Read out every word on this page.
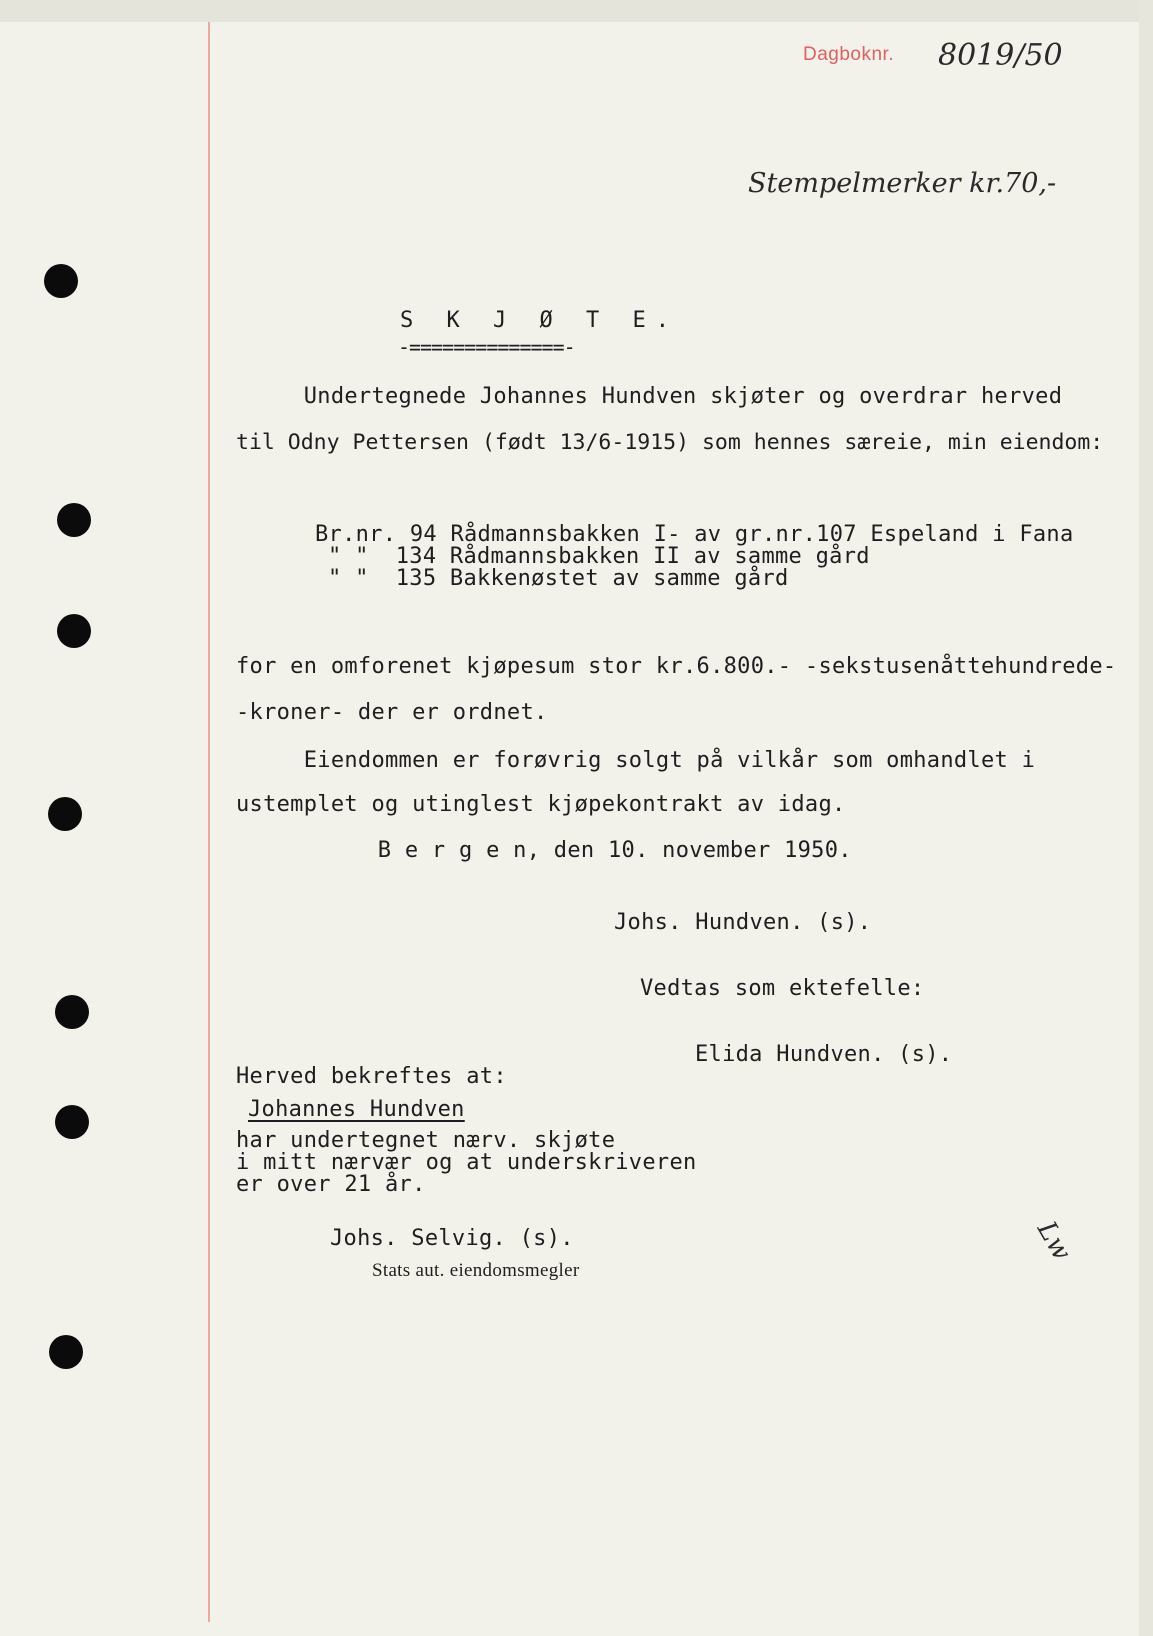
Dagboknr. 8019/50
Stempelmerker kr.70,-
S K J Ø T E.
-==============-
Undertegnede Johannes Hundven skjøter og overdrar herved
til Odny Pettersen (født 13/6-1915) som hennes særeie, min eiendom:
Br.nr. 94 Rådmannsbakken I- av gr.nr.107 Espeland i Fana
" "  134 Rådmannsbakken II av samme gård
" "  135 Bakkenøstet av samme gård
for en omforenet kjøpesum stor kr.6.800.- -sekstusenåttehundrede-
-kroner- der er ordnet.
Eiendommen er forøvrig solgt på vilkår som omhandlet i
ustemplet og utinglest kjøpekontrakt av idag.
B e r g e n, den 10. november 1950.
Johs. Hundven. (s).
Vedtas som ektefelle:
Elida Hundven. (s).
Herved bekreftes at:
Johannes Hundven
har undertegnet nærv. skjøte
i mitt nærvær og at underskriveren
er over 21 år.
Johs. Selvig. (s).
Stats aut. eiendomsmegler
Lw
